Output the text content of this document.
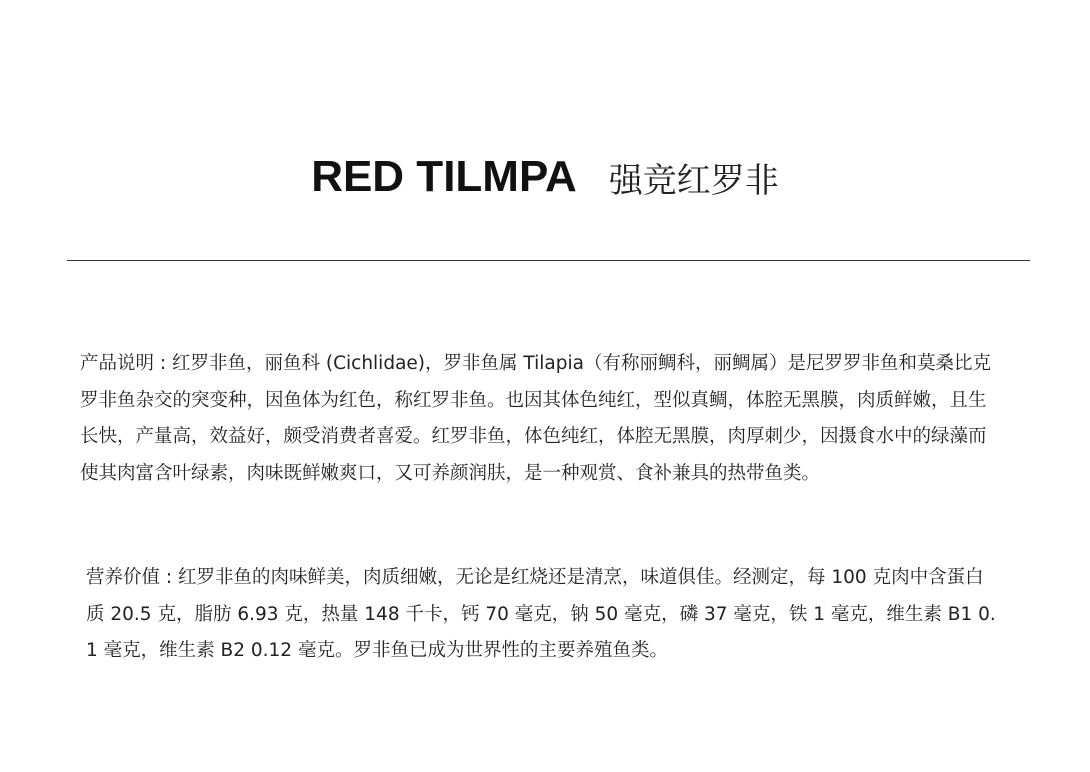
RED TILMPA 强竞红罗非

产品说明 : 红罗非鱼，丽鱼科 (Cichlidae)，罗非鱼属 Tilapia（有称丽鲷科，丽鲷属）是尼罗罗非鱼和莫桑比克罗非鱼杂交的突变种，因鱼体为红色，称红罗非鱼。也因其体色纯红，型似真鲷，体腔无黑膜，肉质鲜嫩，且生长快，产量高，效益好，颇受消费者喜爱。红罗非鱼，体色纯红，体腔无黑膜，肉厚刺少，因摄食水中的绿藻而使其肉富含叶绿素，肉味既鲜嫩爽口，又可养颜润肤，是一种观赏、食补兼具的热带鱼类。

营养价值 : 红罗非鱼的肉味鲜美，肉质细嫩，无论是红烧还是清烹，味道俱佳。经测定，每 100 克肉中含蛋白质 20.5 克，脂肪 6.93 克，热量 148 千卡，钙 70 毫克，钠 50 毫克，磷 37 毫克，铁 1 毫克，维生素 B1 0.1 毫克，维生素 B2 0.12 毫克。罗非鱼已成为世界性的主要养殖鱼类。
